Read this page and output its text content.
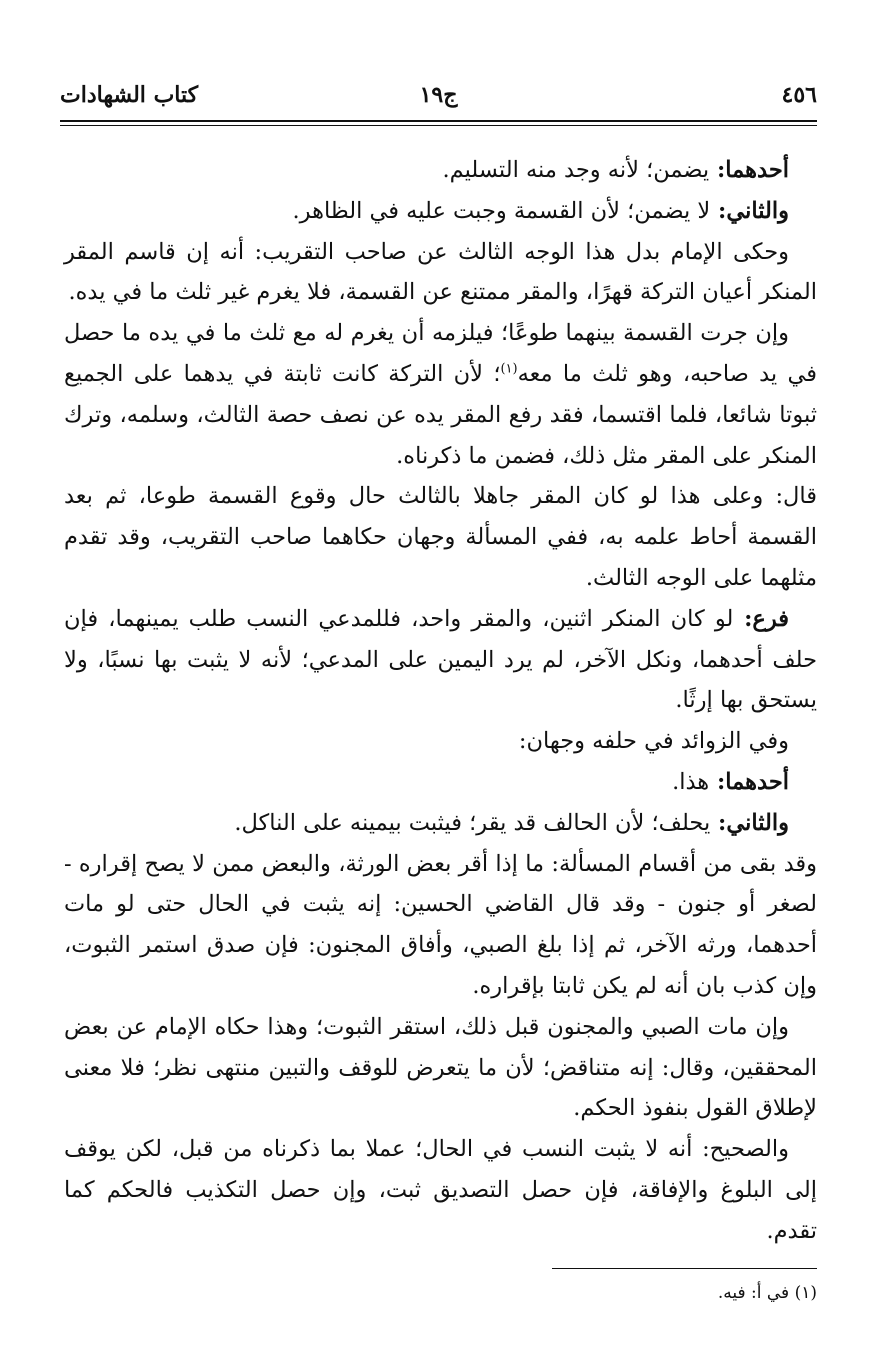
٤٥٦
ج١٩
كتاب الشهادات

أحدهما: يضمن؛ لأنه وجد منه التسليم.

والثاني: لا يضمن؛ لأن القسمة وجبت عليه في الظاهر.

وحكى الإمام بدل هذا الوجه الثالث عن صاحب التقريب: أنه إن قاسم المقر المنكر أعيان التركة قهرًا، والمقر ممتنع عن القسمة، فلا يغرم غير ثلث ما في يده.

وإن جرت القسمة بينهما طوعًا؛ فيلزمه أن يغرم له مع ثلث ما في يده ما حصل في يد صاحبه، وهو ثلث ما معه$^{(١)}$؛ لأن التركة كانت ثابتة في يدهما على الجميع ثبوتا شائعا، فلما اقتسما، فقد رفع المقر يده عن نصف حصة الثالث، وسلمه، وترك المنكر على المقر مثل ذلك، فضمن ما ذكرناه.

قال: وعلى هذا لو كان المقر جاهلا بالثالث حال وقوع القسمة طوعا، ثم بعد القسمة أحاط علمه به، ففي المسألة وجهان حكاهما صاحب التقريب، وقد تقدم مثلهما على الوجه الثالث.

فرع: لو كان المنكر اثنين، والمقر واحد، فللمدعي النسب طلب يمينهما، فإن حلف أحدهما، ونكل الآخر، لم يرد اليمين على المدعي؛ لأنه لا يثبت بها نسبًا، ولا يستحق بها إرثًا.

وفي الزوائد في حلفه وجهان:

أحدهما: هذا.

والثاني: يحلف؛ لأن الحالف قد يقر؛ فيثبت بيمينه على الناكل.

وقد بقى من أقسام المسألة: ما إذا أقر بعض الورثة، والبعض ممن لا يصح إقراره - لصغر أو جنون - وقد قال القاضي الحسين: إنه يثبت في الحال حتى لو مات أحدهما، ورثه الآخر، ثم إذا بلغ الصبي، وأفاق المجنون: فإن صدق استمر الثبوت، وإن كذب بان أنه لم يكن ثابتا بإقراره.

وإن مات الصبي والمجنون قبل ذلك، استقر الثبوت؛ وهذا حكاه الإمام عن بعض المحققين، وقال: إنه متناقض؛ لأن ما يتعرض للوقف والتبين منتهى نظر؛ فلا معنى لإطلاق القول بنفوذ الحكم.

والصحيح: أنه لا يثبت النسب في الحال؛ عملا بما ذكرناه من قبل، لكن يوقف إلى البلوغ والإفاقة، فإن حصل التصديق ثبت، وإن حصل التكذيب فالحكم كما تقدم.

(١) في أ: فيه.
